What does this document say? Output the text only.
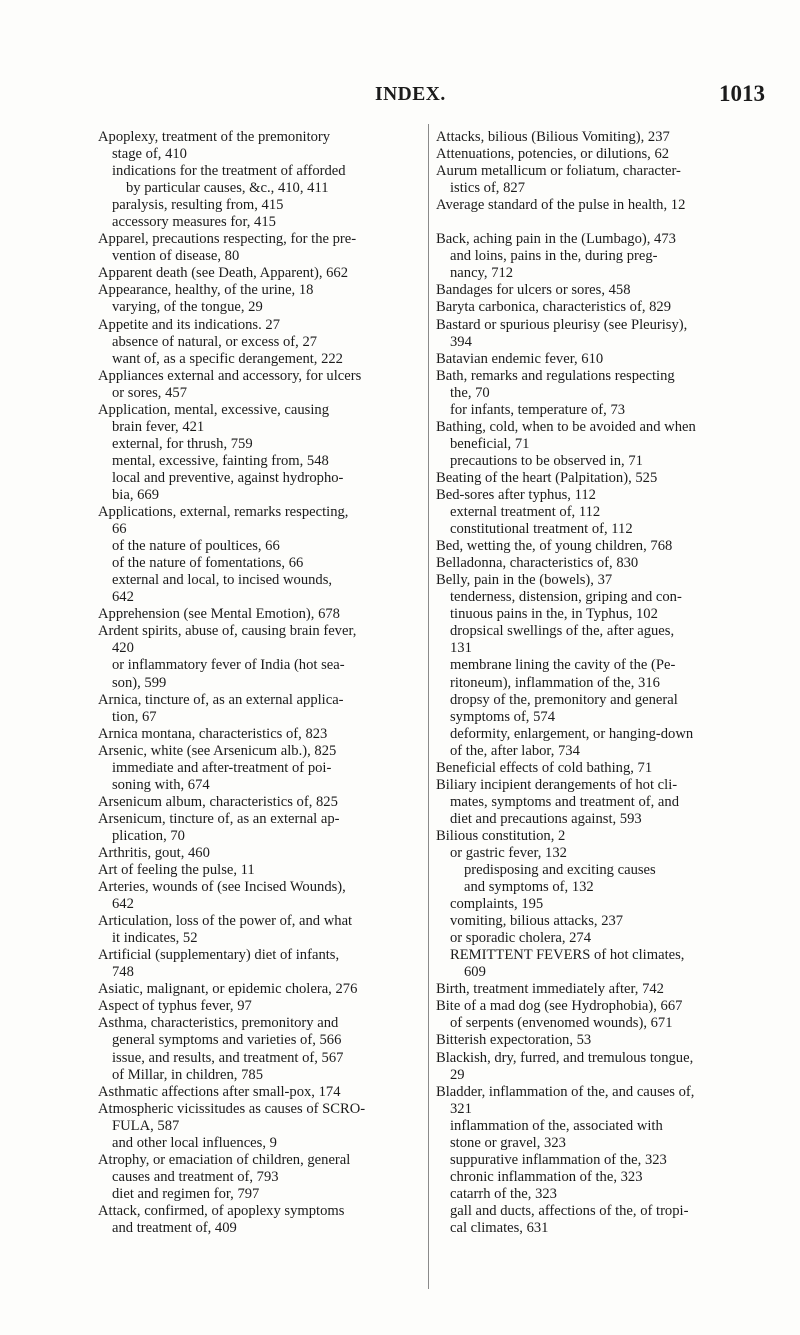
INDEX.	1013
Apoplexy, treatment of the premonitory
stage of, 410
indications for the treatment of afforded
by particular causes, &c., 410, 411
paralysis, resulting from, 415
accessory measures for, 415
Apparel, precautions respecting, for the pre-
vention of disease, 80
Apparent death (see Death, Apparent), 662
Appearance, healthy, of the urine, 18
varying, of the tongue, 29
Appetite and its indications. 27
absence of natural, or excess of, 27
want of, as a specific derangement, 222
Appliances external and accessory, for ulcers
or sores, 457
Application, mental, excessive, causing
brain fever, 421
external, for thrush, 759
mental, excessive, fainting from, 548
local and preventive, against hydropho-
bia, 669
Applications, external, remarks respecting,
66
of the nature of poultices, 66
of the nature of fomentations, 66
external and local, to incised wounds,
642
Apprehension (see Mental Emotion), 678
Ardent spirits, abuse of, causing brain fever,
420
or inflammatory fever of India (hot sea-
son), 599
Arnica, tincture of, as an external applica-
tion, 67
Arnica montana, characteristics of, 823
Arsenic, white (see Arsenicum alb.), 825
immediate and after-treatment of poi-
soning with, 674
Arsenicum album, characteristics of, 825
Arsenicum, tincture of, as an external ap-
plication, 70
Arthritis, gout, 460
Art of feeling the pulse, 11
Arteries, wounds of (see Incised Wounds),
642
Articulation, loss of the power of, and what
it indicates, 52
Artificial (supplementary) diet of infants,
748
Asiatic, malignant, or epidemic cholera, 276
Aspect of typhus fever, 97
Asthma, characteristics, premonitory and
general symptoms and varieties of, 566
issue, and results, and treatment of, 567
of Millar, in children, 785
Asthmatic affections after small-pox, 174
Atmospheric vicissitudes as causes of SCRO-
FULA, 587
and other local influences, 9
Atrophy, or emaciation of children, general
causes and treatment of, 793
diet and regimen for, 797
Attack, confirmed, of apoplexy symptoms
and treatment of, 409
Attacks, bilious (Bilious Vomiting), 237
Attenuations, potencies, or dilutions, 62
Aurum metallicum or foliatum, character-
istics of, 827
Average standard of the pulse in health, 12

Back, aching pain in the (Lumbago), 473
and loins, pains in the, during preg-
nancy, 712
Bandages for ulcers or sores, 458
Baryta carbonica, characteristics of, 829
Bastard or spurious pleurisy (see Pleurisy),
394
Batavian endemic fever, 610
Bath, remarks and regulations respecting
the, 70
for infants, temperature of, 73
Bathing, cold, when to be avoided and when
beneficial, 71
precautions to be observed in, 71
Beating of the heart (Palpitation), 525
Bed-sores after typhus, 112
external treatment of, 112
constitutional treatment of, 112
Bed, wetting the, of young children, 768
Belladonna, characteristics of, 830
Belly, pain in the (bowels), 37
tenderness, distension, griping and con-
tinuous pains in the, in Typhus, 102
dropsical swellings of the, after agues,
131
membrane lining the cavity of the (Pe-
ritoneum), inflammation of the, 316
dropsy of the, premonitory and general
symptoms of, 574
deformity, enlargement, or hanging-down
of the, after labor, 734
Beneficial effects of cold bathing, 71
Biliary incipient derangements of hot cli-
mates, symptoms and treatment of, and
diet and precautions against, 593
Bilious constitution, 2
or gastric fever, 132
predisposing and exciting causes
and symptoms of, 132
complaints, 195
vomiting, bilious attacks, 237
or sporadic cholera, 274
REMITTENT FEVERS of hot climates,
609
Birth, treatment immediately after, 742
Bite of a mad dog (see Hydrophobia), 667
of serpents (envenomed wounds), 671
Bitterish expectoration, 53
Blackish, dry, furred, and tremulous tongue,
29
Bladder, inflammation of the, and causes of,
321
inflammation of the, associated with
stone or gravel, 323
suppurative inflammation of the, 323
chronic inflammation of the, 323
catarrh of the, 323
gall and ducts, affections of the, of tropi-
cal climates, 631
